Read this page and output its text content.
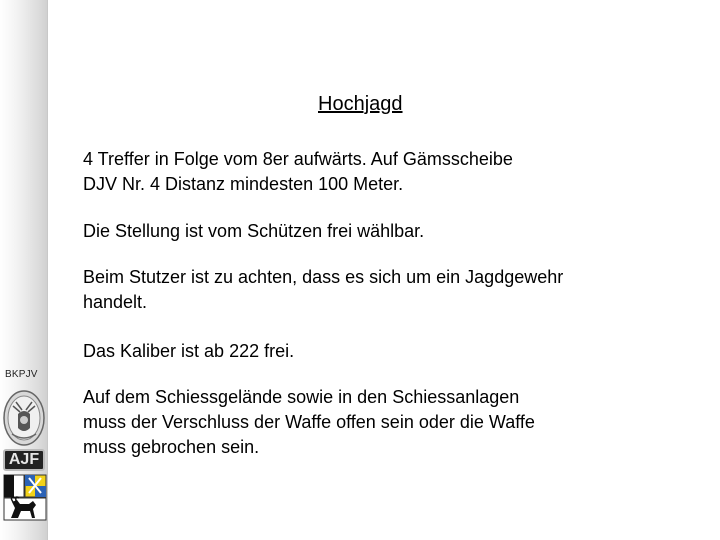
BKPJV
AJF
Hochjagd
4 Treffer in Folge vom 8er aufwärts. Auf Gämsscheibe
DJV Nr. 4 Distanz mindesten 100 Meter.
Die Stellung ist vom Schützen frei wählbar.
Beim Stutzer ist zu achten, dass es sich um ein Jagdgewehr
handelt.
Das Kaliber ist ab 222 frei.
Auf dem Schiessgelände sowie in den Schiessanlagen
muss der Verschluss der Waffe offen sein oder die Waffe
muss gebrochen sein.
